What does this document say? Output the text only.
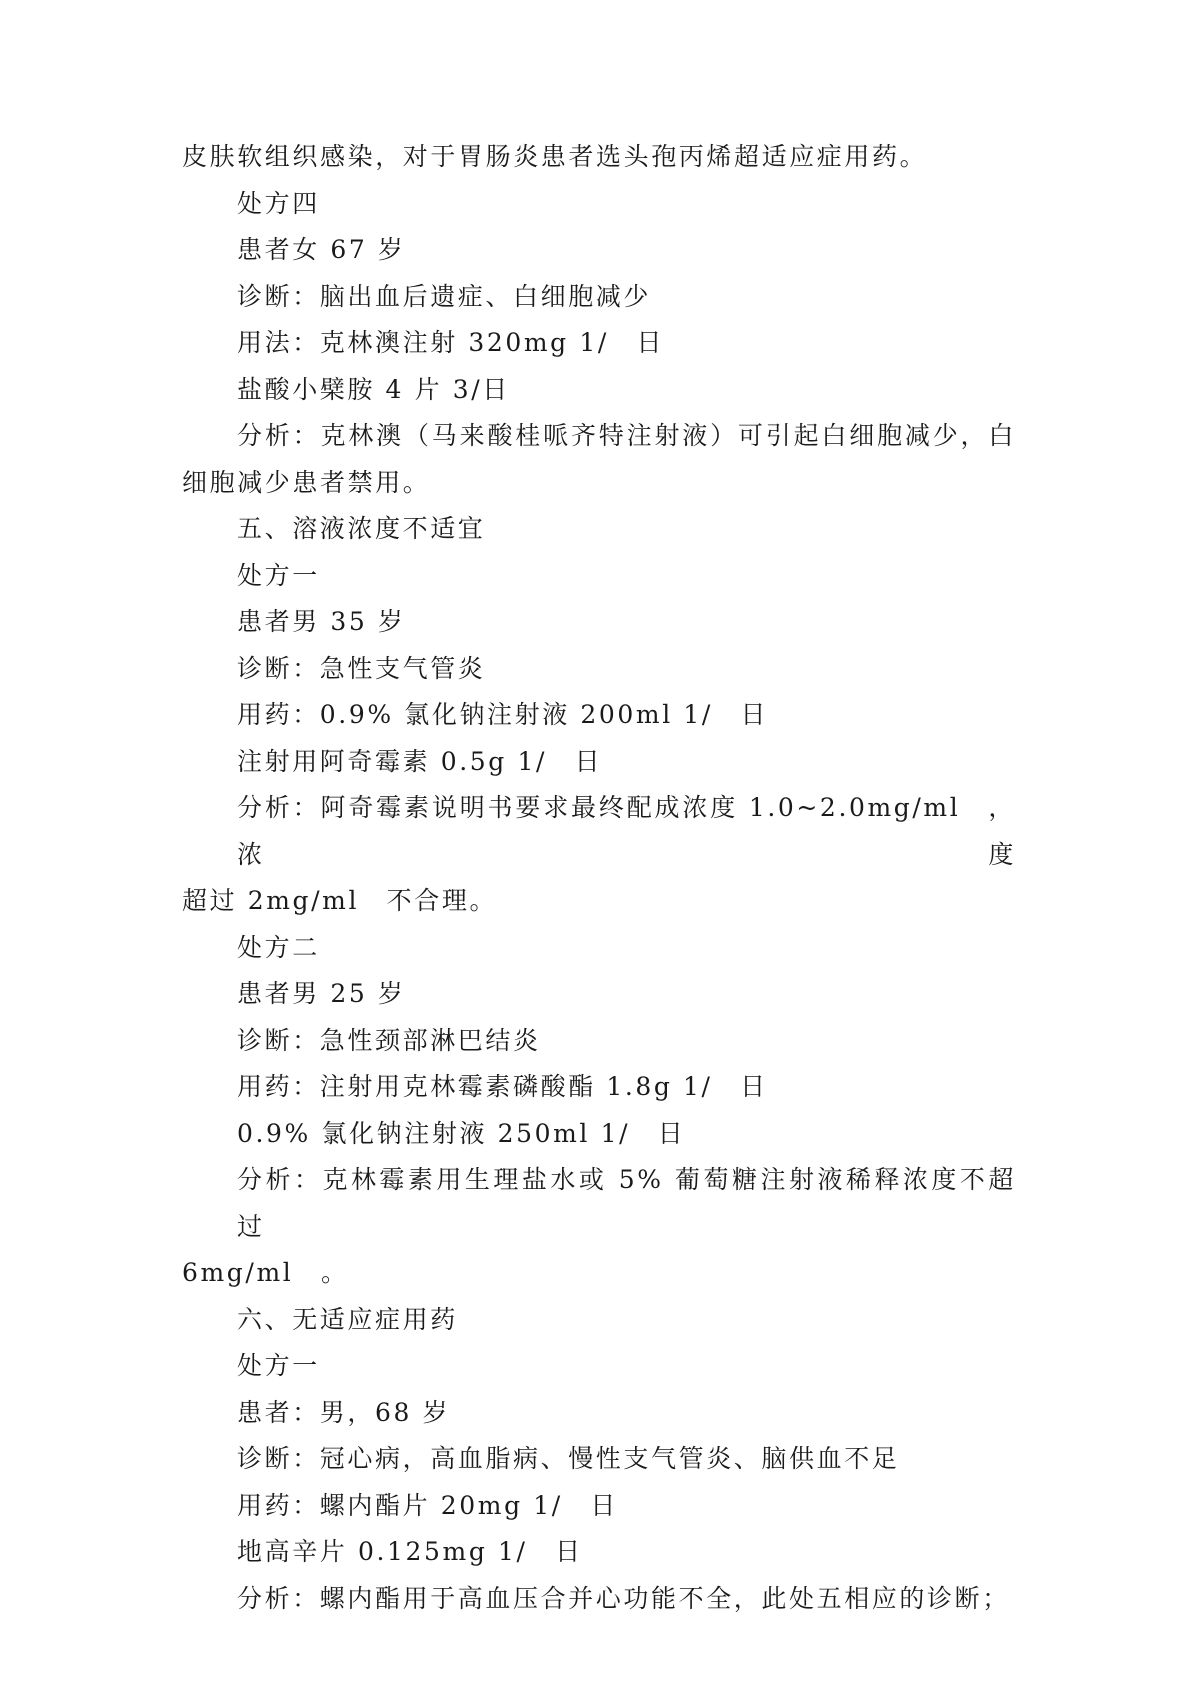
皮肤软组织感染，对于胃肠炎患者选头孢丙烯超适应症用药。
处方四
患者女 67 岁
诊断：脑出血后遗症、白细胞减少
用法：克林澳注射 320mg 1/　日
盐酸小檗胺 4 片 3/日
分析：克林澳（马来酸桂哌齐特注射液）可引起白细胞减少，白
细胞减少患者禁用。
五、溶液浓度不适宜
处方一
患者男 35 岁
诊断：急性支气管炎
用药：0.9% 氯化钠注射液 200ml 1/　日
注射用阿奇霉素 0.5g 1/　日
分析：阿奇霉素说明书要求最终配成浓度 1.0~2.0mg/ml　，浓度
超过 2mg/ml　不合理。
处方二
患者男 25 岁
诊断：急性颈部淋巴结炎
用药：注射用克林霉素磷酸酯 1.8g 1/　日
0.9% 氯化钠注射液 250ml 1/　日
分析：克林霉素用生理盐水或 5% 葡萄糖注射液稀释浓度不超过
6mg/ml　。
六、无适应症用药
处方一
患者：男，68 岁
诊断：冠心病，高血脂病、慢性支气管炎、脑供血不足
用药：螺内酯片 20mg 1/　日
地高辛片 0.125mg 1/　日
分析：螺内酯用于高血压合并心功能不全，此处五相应的诊断；
